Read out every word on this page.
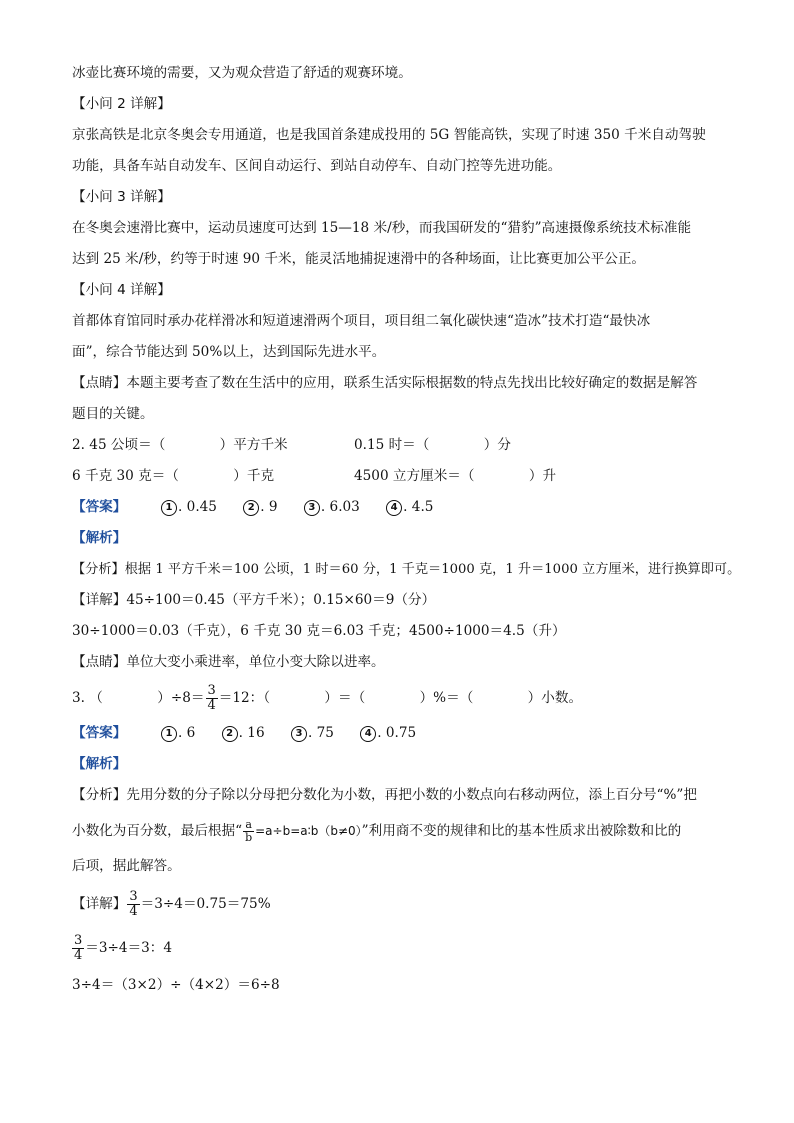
冰壶比赛环境的需要，又为观众营造了舒适的观赛环境。
【小问 2 详解】
京张高铁是北京冬奥会专用通道，也是我国首条建成投用的 5G 智能高铁，实现了时速 350 千米自动驾驶
功能，具备车站自动发车、区间自动运行、到站自动停车、自动门控等先进功能。
【小问 3 详解】
在冬奥会速滑比赛中，运动员速度可达到 15—18 米/秒，而我国研发的“猎豹”高速摄像系统技术标准能
达到 25 米/秒，约等于时速 90 千米，能灵活地捕捉速滑中的各种场面，让比赛更加公平公正。
【小问 4 详解】
首都体育馆同时承办花样滑冰和短道速滑两个项目，项目组二氧化碳快速“造冰”技术打造“最快冰
面”，综合节能达到 50%以上，达到国际先进水平。
【点睛】本题主要考查了数在生活中的应用，联系生活实际根据数的特点先找出比较好确定的数据是解答
题目的关键。
2. 45 公顷＝（　　　　）平方千米	0.15 时＝（　　　　）分
6 千克 30 克＝（　　　　）千克	4500 立方厘米＝（　　　　）升
【答案】	1 . 0.45	2 . 9	3 . 6.03	4 . 4.5
【解析】
【分析】根据 1 平方千米＝100 公顷，1 时＝60 分，1 千克＝1000 克，1 升＝1000 立方厘米，进行换算即可。
【详解】45÷100＝0.45（平方千米）；0.15×60＝9（分）
30÷1000＝0.03（千克），6 千克 30 克＝6.03 千克；4500÷1000＝4.5（升）
【点睛】单位大变小乘进率，单位小变大除以进率。
3. （　　　　）$\div 8= \frac{3}{4} =12$：（　　　　）＝（　　　　）%＝（　　　　）小数。
【答案】	1 . 6	2 . 16	3 . 75	4 . 0.75
【解析】
【分析】先用分数的分子除以分母把分数化为小数，再把小数的小数点向右移动两位，添上百分号“%”把
小数化为百分数，最后根据“ $\frac{a}{b}$ =a÷b=a∶b（b≠0）”利用商不变的规律和比的基本性质求出被除数和比的
后项，据此解答。
【详解】 $\frac{3}{4} =3\div 4=0.75=75\%$
$\frac{3}{4} =3\div 4=3$：4
3÷4＝（3×2）÷（4×2）＝6÷8
